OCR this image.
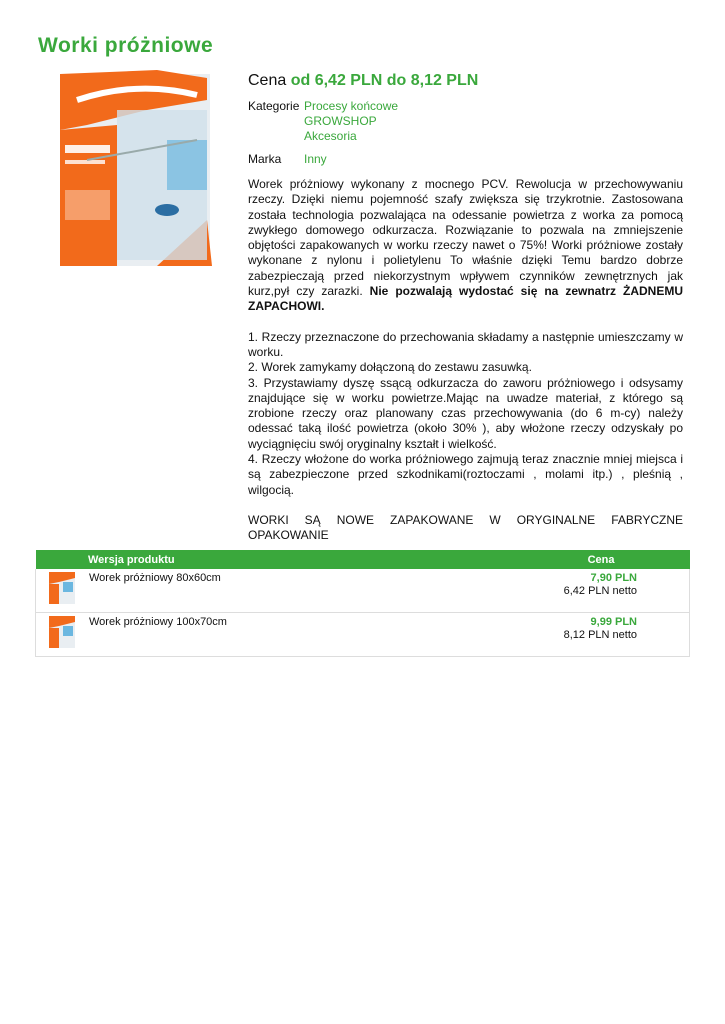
Worki próżniowe
Cena od 6,42 PLN do 8,12 PLN
Kategorie Procesy końcowe
GROWSHOP
Akcesoria
Marka	Inny

Worek próżniowy wykonany z mocnego PCV. Rewolucja w przechowywaniu rzeczy. Dzięki niemu pojemność szafy zwiększa się trzykrotnie. Zastosowana została technologia pozwalająca na odessanie powietrza z worka za pomocą zwykłego domowego odkurzacza. Rozwiązanie to pozwala na zmniejszenie objętości zapakowanych w worku rzeczy nawet o 75%! Worki próżniowe zostały wykonane z nylonu i polietylenu To właśnie dzięki Temu bardzo dobrze zabezpieczają przed niekorzystnym wpływem czynników zewnętrznych jak kurz,pył czy zarazki. Nie pozwalają wydostać się na zewnatrz ŻADNEMU ZAPACHOWI.

1. Rzeczy przeznaczone do przechowania składamy a następnie umieszczamy w worku.

2. Worek zamykamy dołączoną do zestawu zasuwką.

3. Przystawiamy dyszę ssącą odkurzacza do zaworu próżniowego i odsysamy znajdujące się w worku powietrze.Mając na uwadze materiał, z którego są zrobione rzeczy oraz planowany czas przechowywania (do 6 m-cy) należy odessać taką ilość powietrza (około 30% ), aby włożone rzeczy odzyskały po wyciągnięciu swój oryginalny kształt i wielkość.

4. Rzeczy włożone do worka próżniowego zajmują teraz znacznie mniej miejsca i są zabezpieczone przed szkodnikami(roztoczami , molami itp.) , pleśnią , wilgocią.

WORKI SĄ NOWE ZAPAKOWANE W ORYGINALNE FABRYCZNE OPAKOWANIE

	Wersja produktu	Cena
	Worek próżniowy 80x60cm	7,90 PLN
6,42 PLN netto

	Worek próżniowy 100x70cm	9,99 PLN
8,12 PLN netto
